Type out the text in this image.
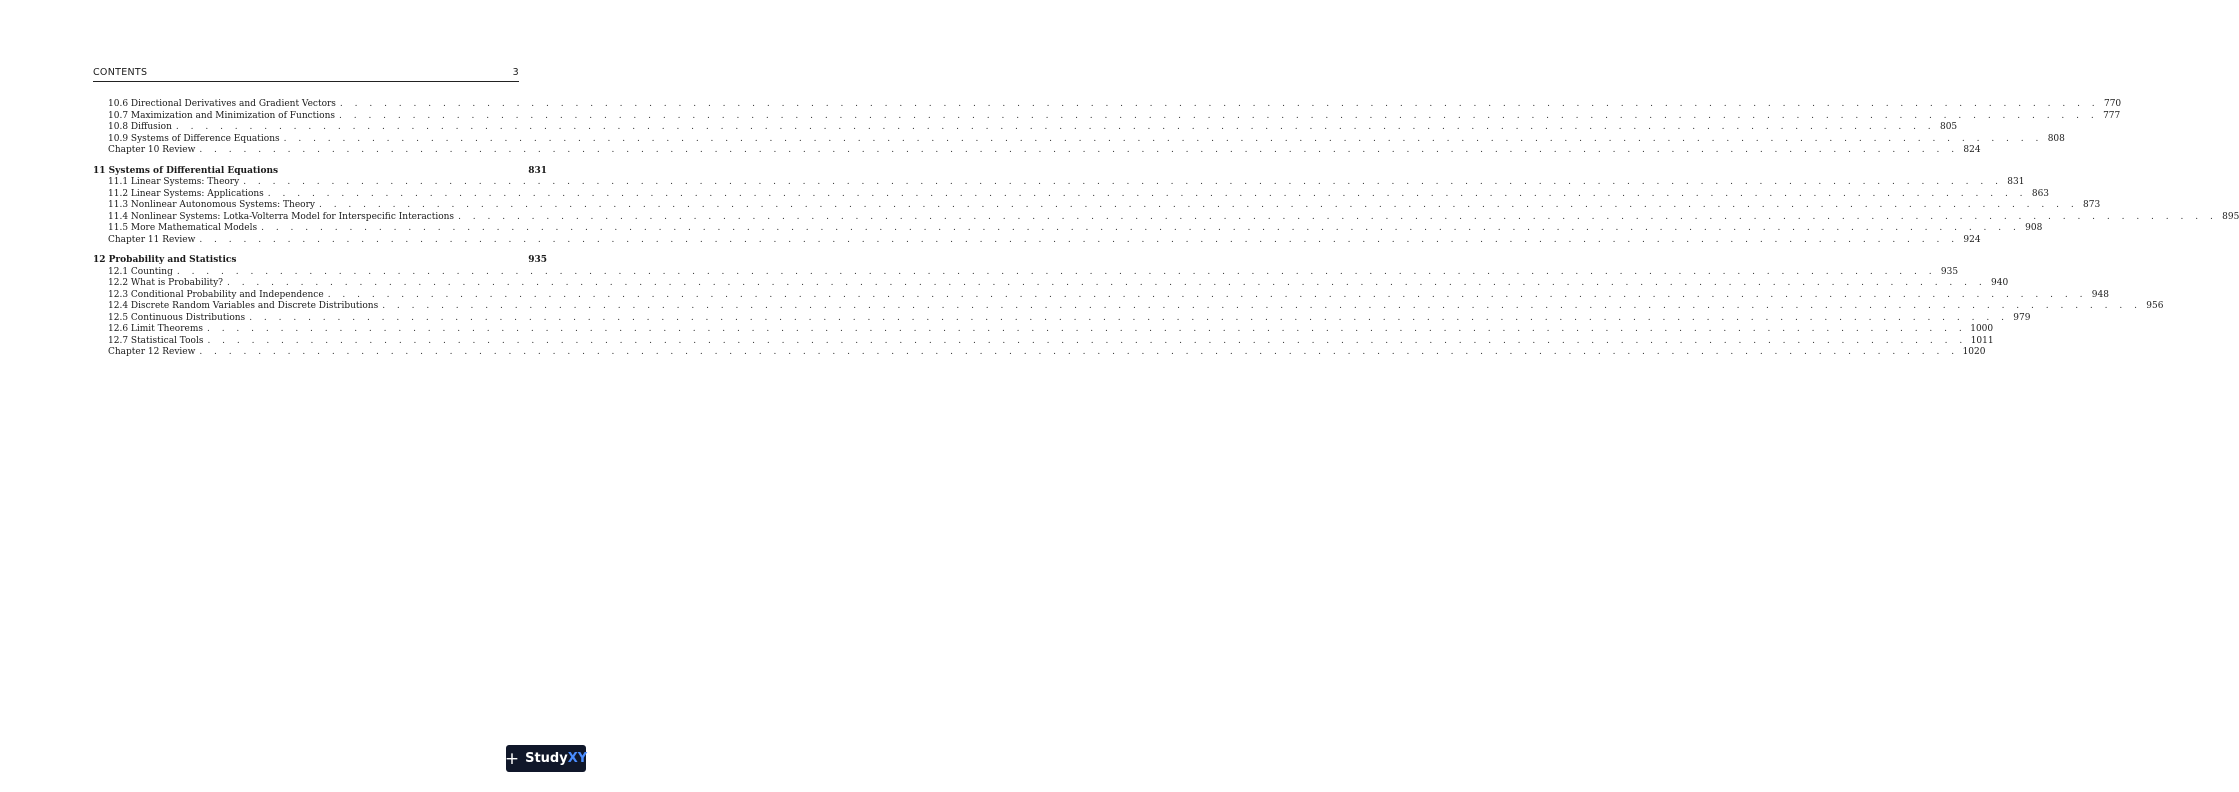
CONTENTS	3
10.6 Directional Derivatives and Gradient Vectors . . . . . . . . . . . . . . . . . . . . . . . . . . . . . . . . . . . . . . . . . . . . . . . . . . . . . . . . . . . . . . . . . . . . . . . . . . . . . . . . . . . . . . . . . . . . . . . . . . . . . . . . . . . . . . . . . . . . . . . . 770
10.7 Maximization and Minimization of Functions . . . . . . . . . . . . . . . . . . . . . . . . . . . . . . . . . . . . . . . . . . . . . . . . . . . . . . . . . . . . . . . . . . . . . . . . . . . . . . . . . . . . . . . . . . . . . . . . . . . . . . . . . . . . . . . . . . . . . . . . 777
10.8 Diffusion . . . . . . . . . . . . . . . . . . . . . . . . . . . . . . . . . . . . . . . . . . . . . . . . . . . . . . . . . . . . . . . . . . . . . . . . . . . . . . . . . . . . . . . . . . . . . . . . . . . . . . . . . . . . . . . . . . . . . . . . 805
10.9 Systems of Difference Equations . . . . . . . . . . . . . . . . . . . . . . . . . . . . . . . . . . . . . . . . . . . . . . . . . . . . . . . . . . . . . . . . . . . . . . . . . . . . . . . . . . . . . . . . . . . . . . . . . . . . . . . . . . . . . . . . . . . . . . . . 808
Chapter 10 Review . . . . . . . . . . . . . . . . . . . . . . . . . . . . . . . . . . . . . . . . . . . . . . . . . . . . . . . . . . . . . . . . . . . . . . . . . . . . . . . . . . . . . . . . . . . . . . . . . . . . . . . . . . . . . . . . . . . . . . . . 824
11 Systems of Differential Equations	831
11.1 Linear Systems: Theory . . . . . . . . . . . . . . . . . . . . . . . . . . . . . . . . . . . . . . . . . . . . . . . . . . . . . . . . . . . . . . . . . . . . . . . . . . . . . . . . . . . . . . . . . . . . . . . . . . . . . . . . . . . . . . . . . . . . . . . . 831
11.2 Linear Systems: Applications . . . . . . . . . . . . . . . . . . . . . . . . . . . . . . . . . . . . . . . . . . . . . . . . . . . . . . . . . . . . . . . . . . . . . . . . . . . . . . . . . . . . . . . . . . . . . . . . . . . . . . . . . . . . . . . . . . . . . . . . 863
11.3 Nonlinear Autonomous Systems: Theory . . . . . . . . . . . . . . . . . . . . . . . . . . . . . . . . . . . . . . . . . . . . . . . . . . . . . . . . . . . . . . . . . . . . . . . . . . . . . . . . . . . . . . . . . . . . . . . . . . . . . . . . . . . . . . . . . . . . . . . . 873
11.4 Nonlinear Systems: Lotka-Volterra Model for Interspecific Interactions . . . . . . . . . . . . . . . . . . . . . . . . . . . . . . . . . . . . . . . . . . . . . . . . . . . . . . . . . . . . . . . . . . . . . . . . . . . . . . . . . . . . . . . . . . . . . . . . . . . . . . . . . . . . . . . . . . . . . . . . 895
11.5 More Mathematical Models . . . . . . . . . . . . . . . . . . . . . . . . . . . . . . . . . . . . . . . . . . . . . . . . . . . . . . . . . . . . . . . . . . . . . . . . . . . . . . . . . . . . . . . . . . . . . . . . . . . . . . . . . . . . . . . . . . . . . . . . 908
Chapter 11 Review . . . . . . . . . . . . . . . . . . . . . . . . . . . . . . . . . . . . . . . . . . . . . . . . . . . . . . . . . . . . . . . . . . . . . . . . . . . . . . . . . . . . . . . . . . . . . . . . . . . . . . . . . . . . . . . . . . . . . . . . 924
12 Probability and Statistics	935
12.1 Counting . . . . . . . . . . . . . . . . . . . . . . . . . . . . . . . . . . . . . . . . . . . . . . . . . . . . . . . . . . . . . . . . . . . . . . . . . . . . . . . . . . . . . . . . . . . . . . . . . . . . . . . . . . . . . . . . . . . . . . . . 935
12.2 What is Probability? . . . . . . . . . . . . . . . . . . . . . . . . . . . . . . . . . . . . . . . . . . . . . . . . . . . . . . . . . . . . . . . . . . . . . . . . . . . . . . . . . . . . . . . . . . . . . . . . . . . . . . . . . . . . . . . . . . . . . . . . 940
12.3 Conditional Probability and Independence . . . . . . . . . . . . . . . . . . . . . . . . . . . . . . . . . . . . . . . . . . . . . . . . . . . . . . . . . . . . . . . . . . . . . . . . . . . . . . . . . . . . . . . . . . . . . . . . . . . . . . . . . . . . . . . . . . . . . . . . 948
12.4 Discrete Random Variables and Discrete Distributions . . . . . . . . . . . . . . . . . . . . . . . . . . . . . . . . . . . . . . . . . . . . . . . . . . . . . . . . . . . . . . . . . . . . . . . . . . . . . . . . . . . . . . . . . . . . . . . . . . . . . . . . . . . . . . . . . . . . . . . . 956
12.5 Continuous Distributions . . . . . . . . . . . . . . . . . . . . . . . . . . . . . . . . . . . . . . . . . . . . . . . . . . . . . . . . . . . . . . . . . . . . . . . . . . . . . . . . . . . . . . . . . . . . . . . . . . . . . . . . . . . . . . . . . . . . . . . . 979
12.6 Limit Theorems . . . . . . . . . . . . . . . . . . . . . . . . . . . . . . . . . . . . . . . . . . . . . . . . . . . . . . . . . . . . . . . . . . . . . . . . . . . . . . . . . . . . . . . . . . . . . . . . . . . . . . . . . . . . . . . . . . . . . . . . 1000
12.7 Statistical Tools . . . . . . . . . . . . . . . . . . . . . . . . . . . . . . . . . . . . . . . . . . . . . . . . . . . . . . . . . . . . . . . . . . . . . . . . . . . . . . . . . . . . . . . . . . . . . . . . . . . . . . . . . . . . . . . . . . . . . . . . 1011
Chapter 12 Review . . . . . . . . . . . . . . . . . . . . . . . . . . . . . . . . . . . . . . . . . . . . . . . . . . . . . . . . . . . . . . . . . . . . . . . . . . . . . . . . . . . . . . . . . . . . . . . . . . . . . . . . . . . . . . . . . . . . . . . . 1020
+ StudyXY
